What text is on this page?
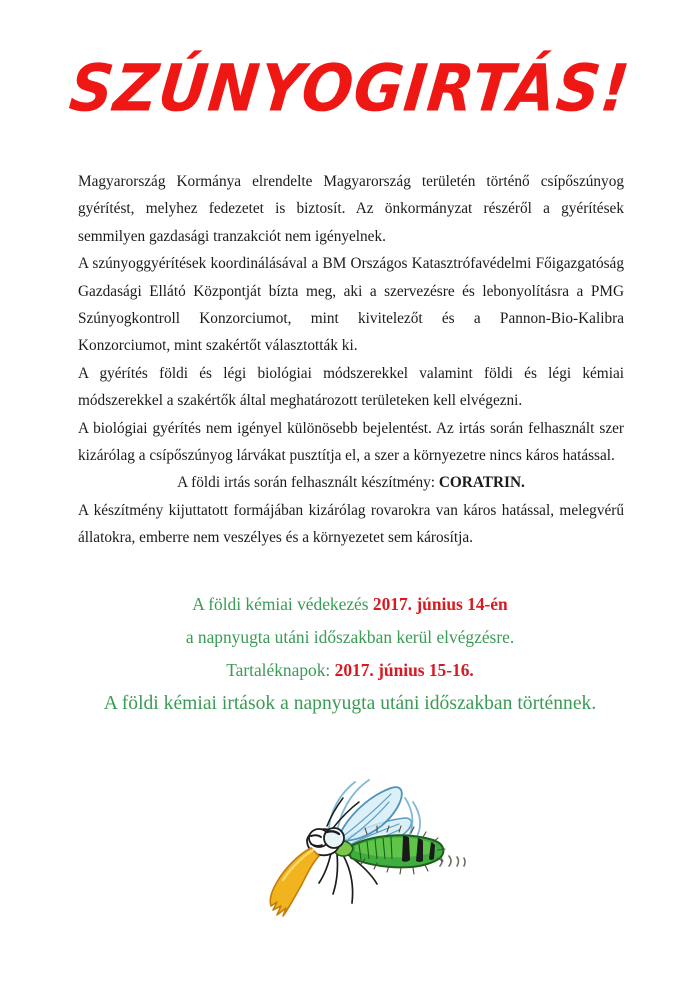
SZÚNYOGIRTÁS!

Magyarország Kormánya elrendelte Magyarország területén történő csípőszúnyog gyérítést, melyhez fedezetet is biztosít. Az önkormányzat részéről a gyérítések semmilyen gazdasági tranzakciót nem igényelnek.

A szúnyoggyérítések koordinálásával a BM Országos Katasztrófavédelmi Főigazgatóság Gazdasági Ellátó Központját bízta meg, aki a szervezésre és lebonyolításra a PMG Szúnyogkontroll Konzorciumot, mint kivitelezőt és a Pannon-Bio-Kalibra Konzorciumot, mint szakértőt választották ki.

A gyérítés földi és légi biológiai módszerekkel valamint földi és légi kémiai módszerekkel a szakértők által meghatározott területeken kell elvégezni.

A biológiai gyérítés nem igényel különösebb bejelentést. Az irtás során felhasznált szer kizárólag a csípőszúnyog lárvákat pusztítja el, a szer a környezetre nincs káros hatással.

A földi irtás során felhasznált készítmény: CORATRIN.

A készítmény kijuttatott formájában kizárólag rovarokra van káros hatással, melegvérű állatokra, emberre nem veszélyes és a környezetet sem károsítja.

A földi kémiai védekezés 2017. június 14-én
a napnyugta utáni időszakban kerül elvégzésre.
Tartaléknapok: 2017. június 15-16.
A földi kémiai irtások a napnyugta utáni időszakban történnek.
